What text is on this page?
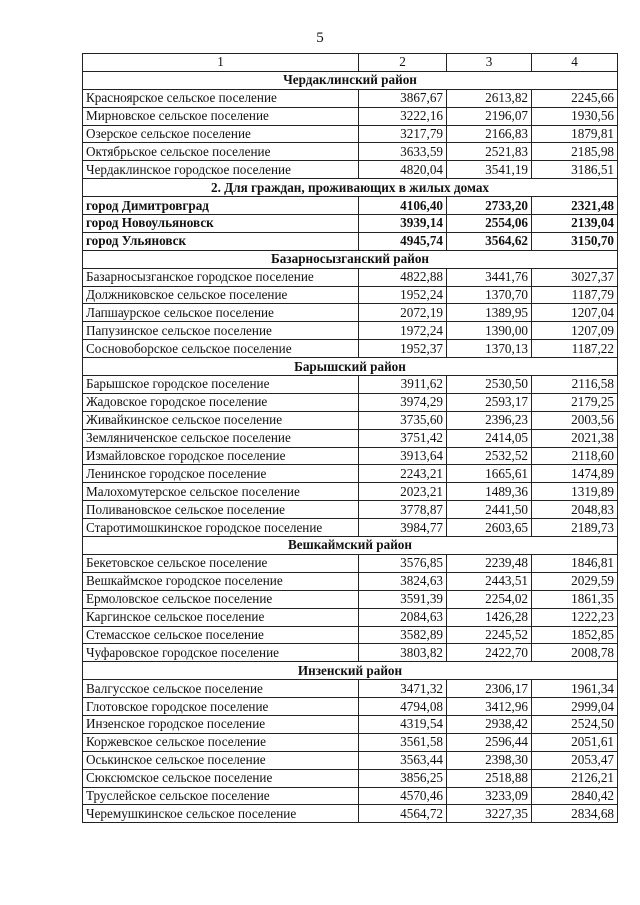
5
1	2	3	4
Чердаклинский район			
Красноярское сельское поселение	3867,67	2613,82	2245,66
Мирновское сельское поселение	3222,16	2196,07	1930,56
Озерское сельское поселение	3217,79	2166,83	1879,81
Октябрьское сельское поселение	3633,59	2521,83	2185,98
Чердаклинское городское поселение	4820,04	3541,19	3186,51
2. Для граждан, проживающих в жилых домах			
город Димитровград	4106,40	2733,20	2321,48
город Новоульяновск	3939,14	2554,06	2139,04
город Ульяновск	4945,74	3564,62	3150,70
Базарносызганский район			
Базарносызганское городское поселение	4822,88	3441,76	3027,37
Должниковское сельское поселение	1952,24	1370,70	1187,79
Лапшаурское сельское поселение	2072,19	1389,95	1207,04
Папузинское сельское поселение	1972,24	1390,00	1207,09
Сосновоборское сельское поселение	1952,37	1370,13	1187,22
Барышский район			
Барышское городское поселение	3911,62	2530,50	2116,58
Жадовское городское поселение	3974,29	2593,17	2179,25
Живайкинское сельское поселение	3735,60	2396,23	2003,56
Земляниченское сельское поселение	3751,42	2414,05	2021,38
Измайловское городское поселение	3913,64	2532,52	2118,60
Ленинское городское поселение	2243,21	1665,61	1474,89
Малохомутерское сельское поселение	2023,21	1489,36	1319,89
Поливановское сельское поселение	3778,87	2441,50	2048,83
Старотимошкинское городское поселение	3984,77	2603,65	2189,73
Вешкаймский район			
Бекетовское сельское поселение	3576,85	2239,48	1846,81
Вешкаймское городское поселение	3824,63	2443,51	2029,59
Ермоловское сельское поселение	3591,39	2254,02	1861,35
Каргинское сельское поселение	2084,63	1426,28	1222,23
Стемасское сельское поселение	3582,89	2245,52	1852,85
Чуфаровское городское поселение	3803,82	2422,70	2008,78
Инзенский район			
Валгусское сельское поселение	3471,32	2306,17	1961,34
Глотовское городское поселение	4794,08	3412,96	2999,04
Инзенское городское поселение	4319,54	2938,42	2524,50
Коржевское сельское поселение	3561,58	2596,44	2051,61
Оськинское сельское поселение	3563,44	2398,30	2053,47
Сюксюмское сельское поселение	3856,25	2518,88	2126,21
Труслейское сельское поселение	4570,46	3233,09	2840,42
Черемушкинское сельское поселение	4564,72	3227,35	2834,68
